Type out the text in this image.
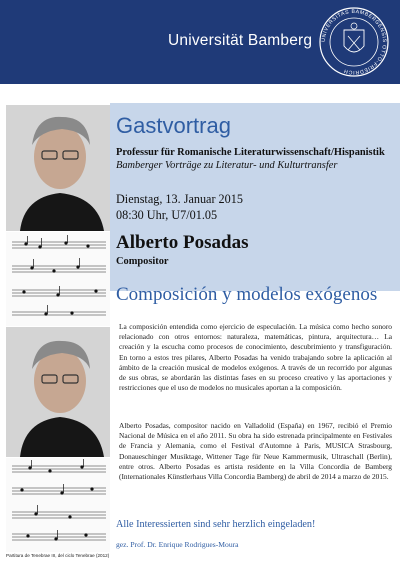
Universität Bamberg UNIVERSITAS BAMBERGENSIS OTTO-FRIEDRICH
Partitura de Tenebrae III, del ciclo Tenebrae (2012)
Gastvortrag
Professur für Romanische Literaturwissenschaft/Hispanistik
Bamberger Vorträge zu Literatur- und Kulturtransfer
Dienstag, 13. Januar 2015
08:30 Uhr, U7/01.05
Alberto Posadas
Compositor
Composición y modelos exógenos

La composición entendida como ejercicio de especulación. La música como hecho sonoro relacionado con otros entornos: naturaleza, matemáticas, pintura, arquitectura… La creación y la escucha como procesos de conocimiento, descubrimiento y transfiguración. En torno a estos tres pilares, Alberto Posadas ha venido trabajando sobre la aplicación al ámbito de la creación musical de modelos exógenos. A través de un recorrido por algunas de sus obras, se abordarán las distintas fases en su proceso creativo y las aportaciones y restricciones que el uso de modelos no musicales aportan a la composición.

Alberto Posadas, compositor nacido en Valladolid (España) en 1967, recibió el Premio Nacional de Música en el año 2011. Su obra ha sido estrenada principalmente en Festivales de Francia y Alemania, como el Festival d'Automne à Paris, MUSICA Strasbourg, Donaueschinger Musiktage, Wittener Tage für Neue Kammermusik, Ultraschall (Berlin), entre otros. Alberto Posadas es artista residente en la Villa Concordia de Bamberg (Internationales Künstlerhaus Villa Concordia Bamberg) de abril de 2014 a marzo de 2015.

Alle Interessierten sind sehr herzlich eingeladen!
gez. Prof. Dr. Enrique Rodrigues-Moura
